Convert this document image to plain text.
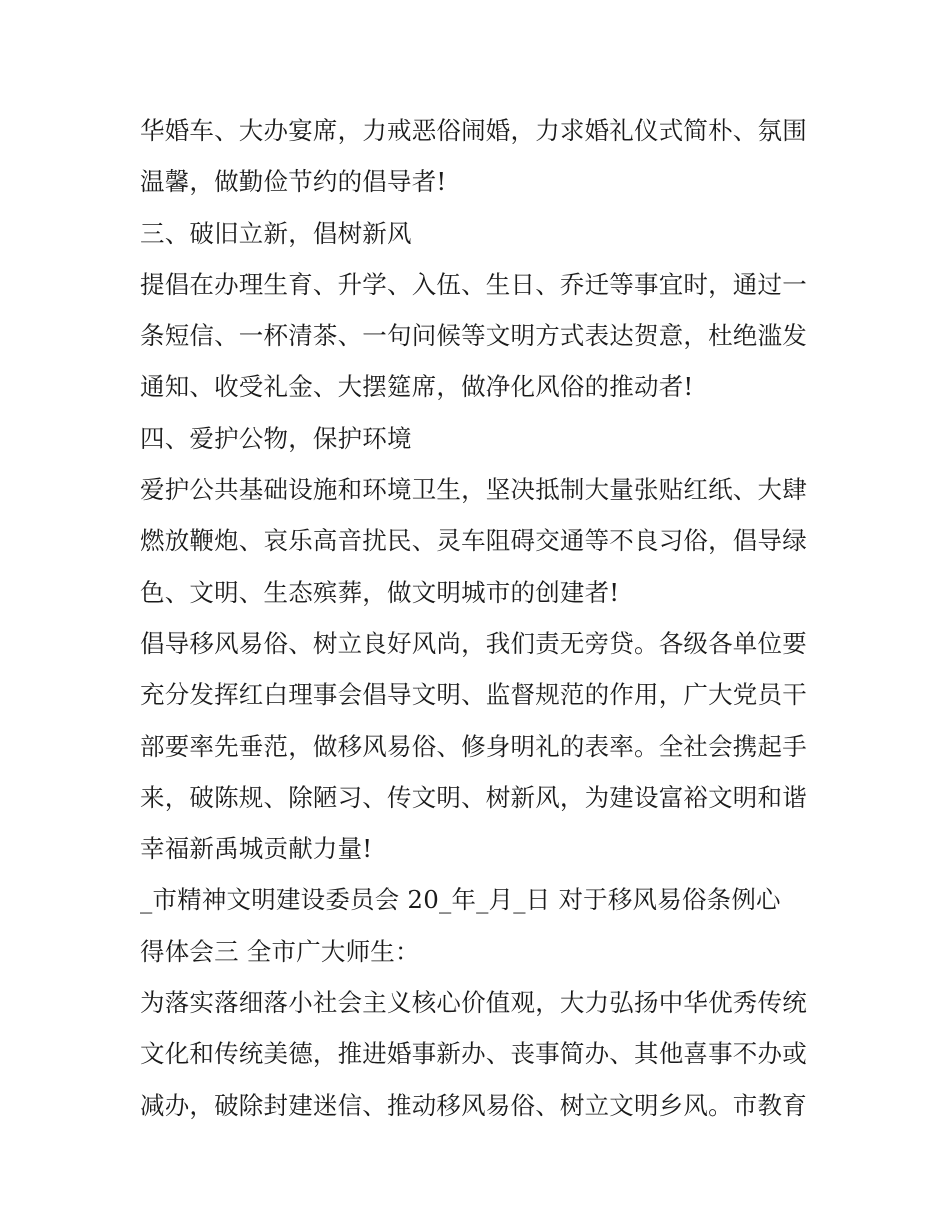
华婚车、大办宴席，力戒恶俗闹婚，力求婚礼仪式简朴、氛围
温馨，做勤俭节约的倡导者!
三、破旧立新，倡树新风
提倡在办理生育、升学、入伍、生日、乔迁等事宜时，通过一
条短信、一杯清茶、一句问候等文明方式表达贺意，杜绝滥发
通知、收受礼金、大摆筵席，做净化风俗的推动者!
四、爱护公物，保护环境
爱护公共基础设施和环境卫生，坚决抵制大量张贴红纸、大肆
燃放鞭炮、哀乐高音扰民、灵车阻碍交通等不良习俗，倡导绿
色、文明、生态殡葬，做文明城市的创建者!
倡导移风易俗、树立良好风尚，我们责无旁贷。各级各单位要
充分发挥红白理事会倡导文明、监督规范的作用，广大党员干
部要率先垂范，做移风易俗、修身明礼的表率。全社会携起手
来，破陈规、除陋习、传文明、树新风，为建设富裕文明和谐
幸福新禹城贡献力量!
_市精神文明建设委员会 20_年_月_日 对于移风易俗条例心
得体会三 全市广大师生：
为落实落细落小社会主义核心价值观，大力弘扬中华优秀传统
文化和传统美德，推进婚事新办、丧事简办、其他喜事不办或
减办，破除封建迷信、推动移风易俗、树立文明乡风。市教育
